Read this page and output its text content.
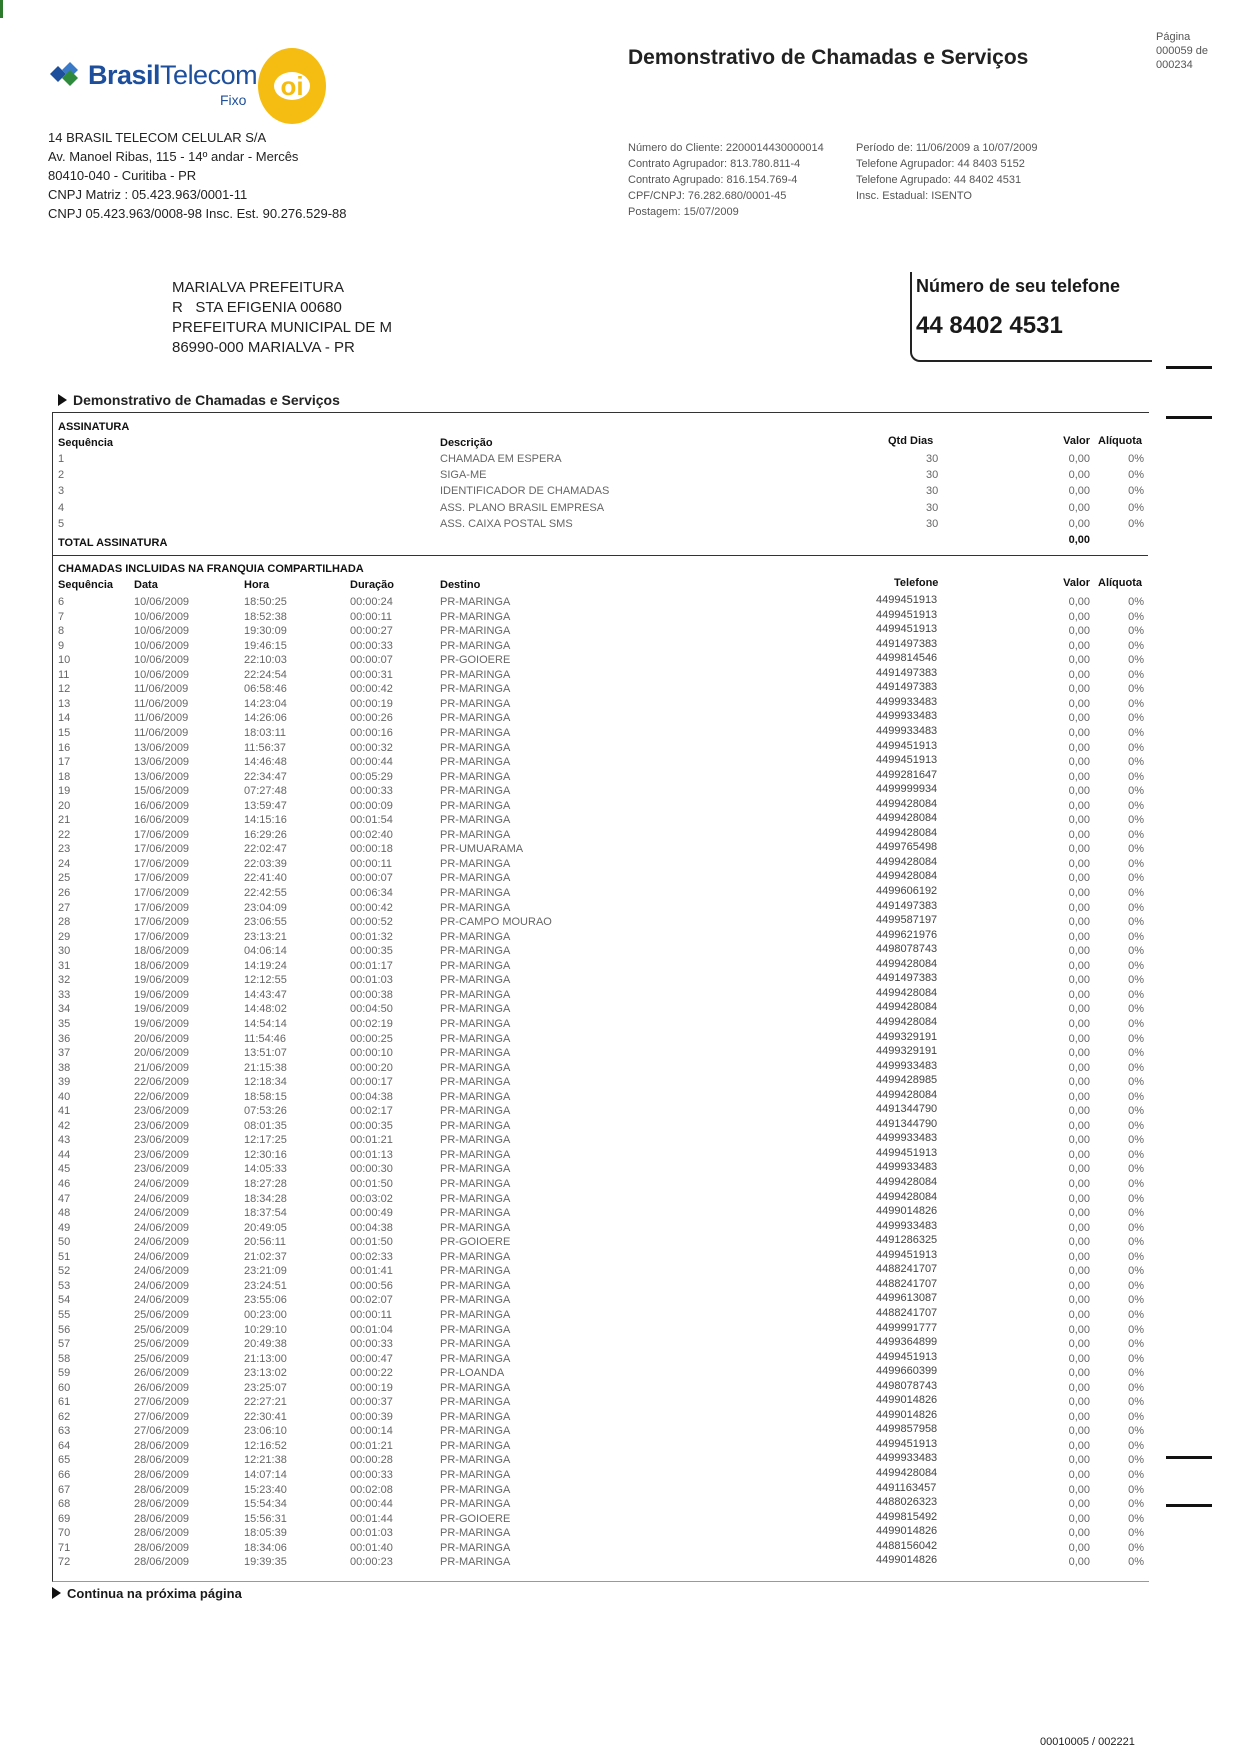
BrasilTelecom
Fixo oi
Demonstrativo de Chamadas e Serviços
Página
000059 de
000234
14 BRASIL TELECOM CELULAR S/A
Av. Manoel Ribas, 115 - 14º andar - Mercês
80410-040 - Curitiba - PR
CNPJ Matriz : 05.423.963/0001-11
CNPJ 05.423.963/0008-98 Insc. Est. 90.276.529-88
Número do Cliente: 2200014430000014
Contrato Agrupador: 813.780.811-4
Contrato Agrupado: 816.154.769-4
CPF/CNPJ: 76.282.680/0001-45
Postagem: 15/07/2009
Período de: 11/06/2009 a 10/07/2009
Telefone Agrupador: 44 8403 5152
Telefone Agrupado: 44 8402 4531
Insc. Estadual: ISENTO
MARIALVA PREFEITURA
R   STA EFIGENIA 00680
PREFEITURA MUNICIPAL DE M
86990-000 MARIALVA - PR
Número de seu telefone
44 8402 4531
Demonstrativo de Chamadas e Serviços
ASSINATURA
Sequência	Descrição	Qtd Dias	Valor Alíquota
1	CHAMADA EM ESPERA	30	0,00	0%
2	SIGA-ME	30	0,00	0%
3	IDENTIFICADOR DE CHAMADAS	30	0,00	0%
4	ASS. PLANO BRASIL EMPRESA	30	0,00	0%
5	ASS. CAIXA POSTAL SMS	30	0,00	0%
TOTAL ASSINATURA	0,00
CHAMADAS INCLUIDAS NA FRANQUIA COMPARTILHADA
Sequência Data	Hora	Duração	Destino	Telefone	Valor Alíquota
6	10/06/2009	18:50:25	00:00:24	PR-MARINGA	4499451913	0,00	0%
7	10/06/2009	18:52:38	00:00:11	PR-MARINGA	4499451913	0,00	0%
8	10/06/2009	19:30:09	00:00:27	PR-MARINGA	4499451913	0,00	0%
9	10/06/2009	19:46:15	00:00:33	PR-MARINGA	4491497383	0,00	0%
10	10/06/2009	22:10:03	00:00:07	PR-GOIOERE	4499814546	0,00	0%
11	10/06/2009	22:24:54	00:00:31	PR-MARINGA	4491497383	0,00	0%
12	11/06/2009	06:58:46	00:00:42	PR-MARINGA	4491497383	0,00	0%
13	11/06/2009	14:23:04	00:00:19	PR-MARINGA	4499933483	0,00	0%
14	11/06/2009	14:26:06	00:00:26	PR-MARINGA	4499933483	0,00	0%
15	11/06/2009	18:03:11	00:00:16	PR-MARINGA	4499933483	0,00	0%
16	13/06/2009	11:56:37	00:00:32	PR-MARINGA	4499451913	0,00	0%
17	13/06/2009	14:46:48	00:00:44	PR-MARINGA	4499451913	0,00	0%
18	13/06/2009	22:34:47	00:05:29	PR-MARINGA	4499281647	0,00	0%
19	15/06/2009	07:27:48	00:00:33	PR-MARINGA	4499999934	0,00	0%
20	16/06/2009	13:59:47	00:00:09	PR-MARINGA	4499428084	0,00	0%
21	16/06/2009	14:15:16	00:01:54	PR-MARINGA	4499428084	0,00	0%
22	17/06/2009	16:29:26	00:02:40	PR-MARINGA	4499428084	0,00	0%
23	17/06/2009	22:02:47	00:00:18	PR-UMUARAMA	4499765498	0,00	0%
24	17/06/2009	22:03:39	00:00:11	PR-MARINGA	4499428084	0,00	0%
25	17/06/2009	22:41:40	00:00:07	PR-MARINGA	4499428084	0,00	0%
26	17/06/2009	22:42:55	00:06:34	PR-MARINGA	4499606192	0,00	0%
27	17/06/2009	23:04:09	00:00:42	PR-MARINGA	4491497383	0,00	0%
28	17/06/2009	23:06:55	00:00:52	PR-CAMPO MOURAO	4499587197	0,00	0%
29	17/06/2009	23:13:21	00:01:32	PR-MARINGA	4499621976	0,00	0%
30	18/06/2009	04:06:14	00:00:35	PR-MARINGA	4498078743	0,00	0%
31	18/06/2009	14:19:24	00:01:17	PR-MARINGA	4499428084	0,00	0%
32	19/06/2009	12:12:55	00:01:03	PR-MARINGA	4491497383	0,00	0%
33	19/06/2009	14:43:47	00:00:38	PR-MARINGA	4499428084	0,00	0%
34	19/06/2009	14:48:02	00:04:50	PR-MARINGA	4499428084	0,00	0%
35	19/06/2009	14:54:14	00:02:19	PR-MARINGA	4499428084	0,00	0%
36	20/06/2009	11:54:46	00:00:25	PR-MARINGA	4499329191	0,00	0%
37	20/06/2009	13:51:07	00:00:10	PR-MARINGA	4499329191	0,00	0%
38	21/06/2009	21:15:38	00:00:20	PR-MARINGA	4499933483	0,00	0%
39	22/06/2009	12:18:34	00:00:17	PR-MARINGA	4499428985	0,00	0%
40	22/06/2009	18:58:15	00:04:38	PR-MARINGA	4499428084	0,00	0%
41	23/06/2009	07:53:26	00:02:17	PR-MARINGA	4491344790	0,00	0%
42	23/06/2009	08:01:35	00:00:35	PR-MARINGA	4491344790	0,00	0%
43	23/06/2009	12:17:25	00:01:21	PR-MARINGA	4499933483	0,00	0%
44	23/06/2009	12:30:16	00:01:13	PR-MARINGA	4499451913	0,00	0%
45	23/06/2009	14:05:33	00:00:30	PR-MARINGA	4499933483	0,00	0%
46	24/06/2009	18:27:28	00:01:50	PR-MARINGA	4499428084	0,00	0%
47	24/06/2009	18:34:28	00:03:02	PR-MARINGA	4499428084	0,00	0%
48	24/06/2009	18:37:54	00:00:49	PR-MARINGA	4499014826	0,00	0%
49	24/06/2009	20:49:05	00:04:38	PR-MARINGA	4499933483	0,00	0%
50	24/06/2009	20:56:11	00:01:50	PR-GOIOERE	4491286325	0,00	0%
51	24/06/2009	21:02:37	00:02:33	PR-MARINGA	4499451913	0,00	0%
52	24/06/2009	23:21:09	00:01:41	PR-MARINGA	4488241707	0,00	0%
53	24/06/2009	23:24:51	00:00:56	PR-MARINGA	4488241707	0,00	0%
54	24/06/2009	23:55:06	00:02:07	PR-MARINGA	4499613087	0,00	0%
55	25/06/2009	00:23:00	00:00:11	PR-MARINGA	4488241707	0,00	0%
56	25/06/2009	10:29:10	00:01:04	PR-MARINGA	4499991777	0,00	0%
57	25/06/2009	20:49:38	00:00:33	PR-MARINGA	4499364899	0,00	0%
58	25/06/2009	21:13:00	00:00:47	PR-MARINGA	4499451913	0,00	0%
59	26/06/2009	23:13:02	00:00:22	PR-LOANDA	4499660399	0,00	0%
60	26/06/2009	23:25:07	00:00:19	PR-MARINGA	4498078743	0,00	0%
61	27/06/2009	22:27:21	00:00:37	PR-MARINGA	4499014826	0,00	0%
62	27/06/2009	22:30:41	00:00:39	PR-MARINGA	4499014826	0,00	0%
63	27/06/2009	23:06:10	00:00:14	PR-MARINGA	4499857958	0,00	0%
64	28/06/2009	12:16:52	00:01:21	PR-MARINGA	4499451913	0,00	0%
65	28/06/2009	12:21:38	00:00:28	PR-MARINGA	4499933483	0,00	0%
66	28/06/2009	14:07:14	00:00:33	PR-MARINGA	4499428084	0,00	0%
67	28/06/2009	15:23:40	00:02:08	PR-MARINGA	4491163457	0,00	0%
68	28/06/2009	15:54:34	00:00:44	PR-MARINGA	4488026323	0,00	0%
69	28/06/2009	15:56:31	00:01:44	PR-GOIOERE	4499815492	0,00	0%
70	28/06/2009	18:05:39	00:01:03	PR-MARINGA	4499014826	0,00	0%
71	28/06/2009	18:34:06	00:01:40	PR-MARINGA	4488156042	0,00	0%
72	28/06/2009	19:39:35	00:00:23	PR-MARINGA	4499014826	0,00	0%
Continua na próxima página
00010005 / 002221
